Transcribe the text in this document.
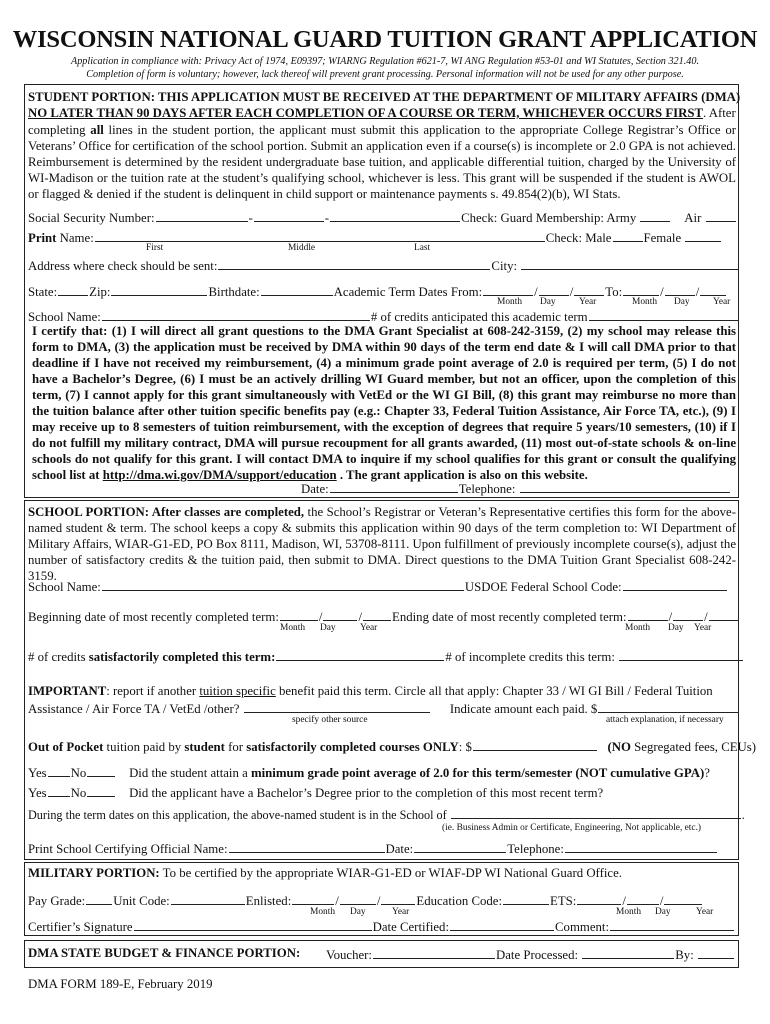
WISCONSIN NATIONAL GUARD TUITION GRANT APPLICATION
Application in compliance with: Privacy Act of 1974, E09397; WIARNG Regulation #621-7, WI ANG Regulation #53-01 and WI Statutes, Section 321.40.
Completion of form is voluntary; however, lack thereof will prevent grant processing. Personal information will not be used for any other purpose.
STUDENT PORTION: THIS APPLICATION MUST BE RECEIVED AT THE DEPARTMENT OF MILITARY AFFAIRS (DMA)
NO LATER THAN 90 DAYS AFTER EACH COMPLETION OF A COURSE OR TERM, WHICHEVER OCCURS FIRST. After
completing all lines in the student portion, the applicant must submit this application to the appropriate College Registrar’s Office or Veterans’ Office for certification of the school portion. Submit an application even if a course(s) is incomplete or 2.0 GPA is not achieved. Reimbursement is determined by the resident undergraduate base tuition, and applicable differential tuition, charged by the University of WI-Madison or the tuition rate at the student’s qualifying school, whichever is less. This grant will be suspended if the student is AWOL or flagged & denied if the student is delinquent in child support or maintenance payments s. 49.854(2)(b), WI Stats.
Social Security Number:	-	-	Check: Guard Membership: Army	Air
Print Name:	Check: Male	Female
First	Middle	Last
Address where check should be sent:	City:
State:	Zip:	Birthdate:	Academic Term Dates From:	/	/	To:	/	/
Month Day Year	Month Day Year
School Name:	# of credits anticipated this academic term
I certify that: (1) I will direct all grant questions to the DMA Grant Specialist at 608-242-3159, (2) my school may release this form to DMA, (3) the application must be received by DMA within 90 days of the term end date & I will call DMA prior to that deadline if I have not received my reimbursement, (4) a minimum grade point average of 2.0 is required per term, (5) I do not have a Bachelor’s Degree, (6) I must be an actively drilling WI Guard member, but not an officer, upon the completion of this term, (7) I cannot apply for this grant simultaneously with VetEd or the WI GI Bill, (8) this grant may reimburse no more than the tuition balance after other tuition specific benefits pay (e.g.: Chapter 33, Federal Tuition Assistance, Air Force TA, etc.), (9) I may receive up to 8 semesters of tuition reimbursement, with the exception of degrees that require 5 years/10 semesters, (10) if I do not fulfill my military contract, DMA will pursue recoupment for all grants awarded, (11) most out-of-state schools & on-line schools do not qualify for this grant. I will contact DMA to inquire if my school qualifies for this grant or consult the qualifying school list at http://dma.wi.gov/DMA/support/education . The grant application is also on this website.
Date:	Telephone:
SCHOOL PORTION: After classes are completed, the School’s Registrar or Veteran’s Representative certifies this form for the above-named student & term. The school keeps a copy & submits this application within 90 days of the term completion to: WI Department of Military Affairs, WIAR-G1-ED, PO Box 8111, Madison, WI, 53708-8111. Upon fulfillment of previously incomplete course(s), adjust the number of satisfactory credits & the tuition paid, then submit to DMA. Direct questions to the DMA Tuition Grant Specialist 608-242-3159.
School Name:	USDOE Federal School Code:
Beginning date of most recently completed term:	/	/ Ending date of most recently completed term:	/	/
Month Day	Year	Month Day Year
# of credits satisfactorily completed this term:	# of incomplete credits this term:
IMPORTANT: report if another tuition specific benefit paid this term. Circle all that apply: Chapter 33 / WI GI Bill / Federal Tuition
Assistance / Air Force TA / VetEd /other?	Indicate amount each paid. $
specify other source	attach explanation, if necessary
Out of Pocket tuition paid by student for satisfactorily completed courses ONLY: $	(NO Segregated fees, CEUs)
Yes No	Did the student attain a minimum grade point average of 2.0 for this term/semester (NOT cumulative GPA)?
Yes No	Did the applicant have a Bachelor’s Degree prior to the completion of this most recent term?
During the term dates on this application, the above-named student is in the School of	.
(ie. Business Admin or Certificate, Engineering, Not applicable, etc.)
Print School Certifying Official Name:	Date:	Telephone:
MILITARY PORTION: To be certified by the appropriate WIAR-G1-ED or WIAF-DP WI National Guard Office.
Pay Grade: Unit Code:	Enlisted:	/	/	Education Code:	ETS:	/	/
Month Day	Year	Month Day	Year
Certifier’s Signature	Date Certified:	Comment:
DMA STATE BUDGET & FINANCE PORTION: Voucher:	Date Processed:	By:
DMA FORM 189-E, February 2019
